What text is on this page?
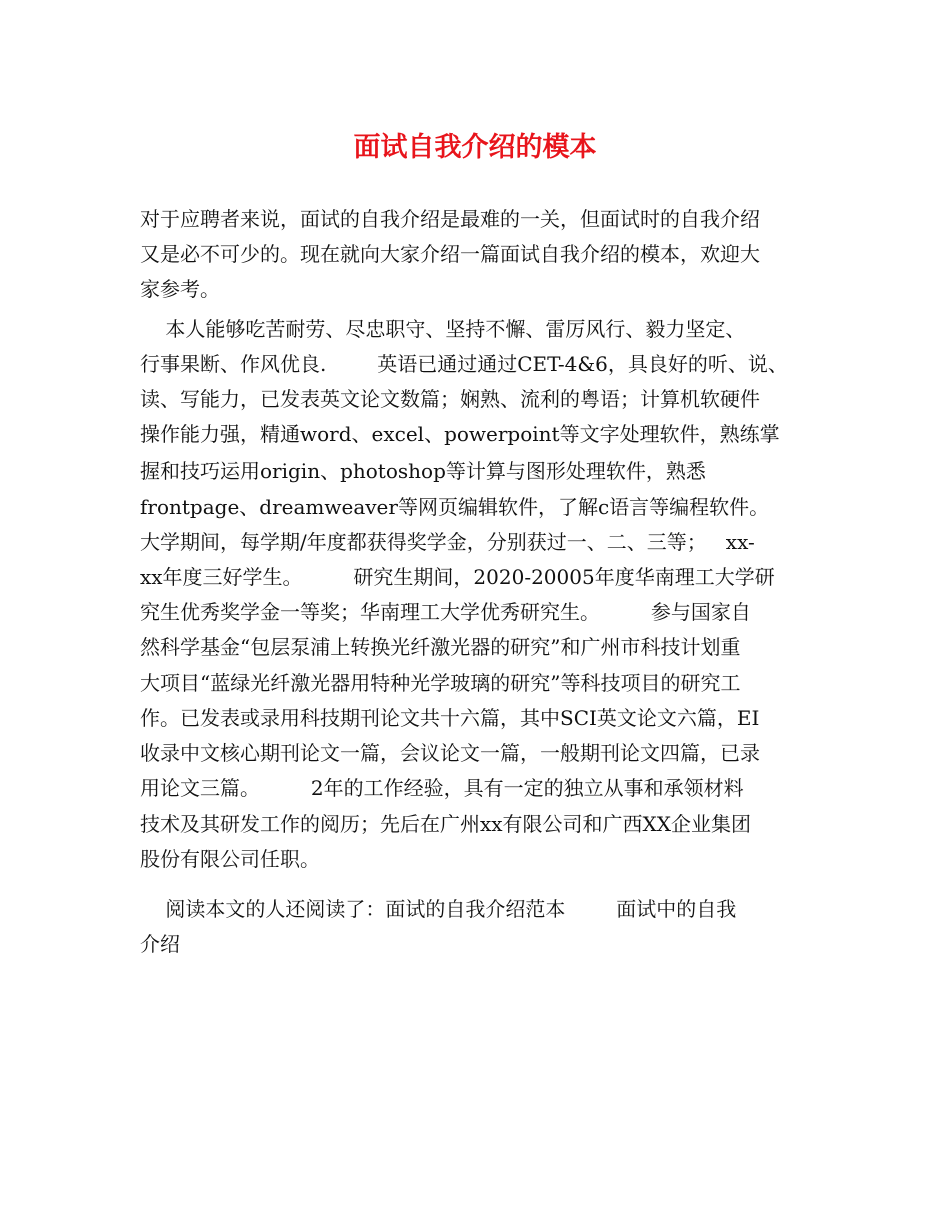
面试自我介绍的模本
对于应聘者来说，面试的自我介绍是最难的一关，但面试时的自我介绍
又是必不可少的。现在就向大家介绍一篇面试自我介绍的模本，欢迎大
家参考。
本人能够吃苦耐劳、尽忠职守、坚持不懈、雷厉风行、毅力坚定、
行事果断、作风优良.        英语已通过通过CET-4&6，具良好的听、说、
读、写能力，已发表英文论文数篇；娴熟、流利的粤语；计算机软硬件
操作能力强，精通word、excel、powerpoint等文字处理软件，熟练掌
握和技巧运用origin、photoshop等计算与图形处理软件，熟悉
frontpage、dreamweaver等网页编辑软件，了解c语言等编程软件。
大学期间，每学期/年度都获得奖学金，分别获过一、二、三等；   xx-
xx年度三好学生。        研究生期间，2020-20005年度华南理工大学研
究生优秀奖学金一等奖；华南理工大学优秀研究生。        参与国家自
然科学基金“包层泵浦上转换光纤激光器的研究”和广州市科技计划重
大项目“蓝绿光纤激光器用特种光学玻璃的研究”等科技项目的研究工
作。已发表或录用科技期刊论文共十六篇，其中SCI英文论文六篇，EI
收录中文核心期刊论文一篇，会议论文一篇，一般期刊论文四篇，已录
用论文三篇。        2年的工作经验，具有一定的独立从事和承领材料
技术及其研发工作的阅历；先后在广州xx有限公司和广西XX企业集团
股份有限公司任职。
阅读本文的人还阅读了：面试的自我介绍范本        面试中的自我
介绍
